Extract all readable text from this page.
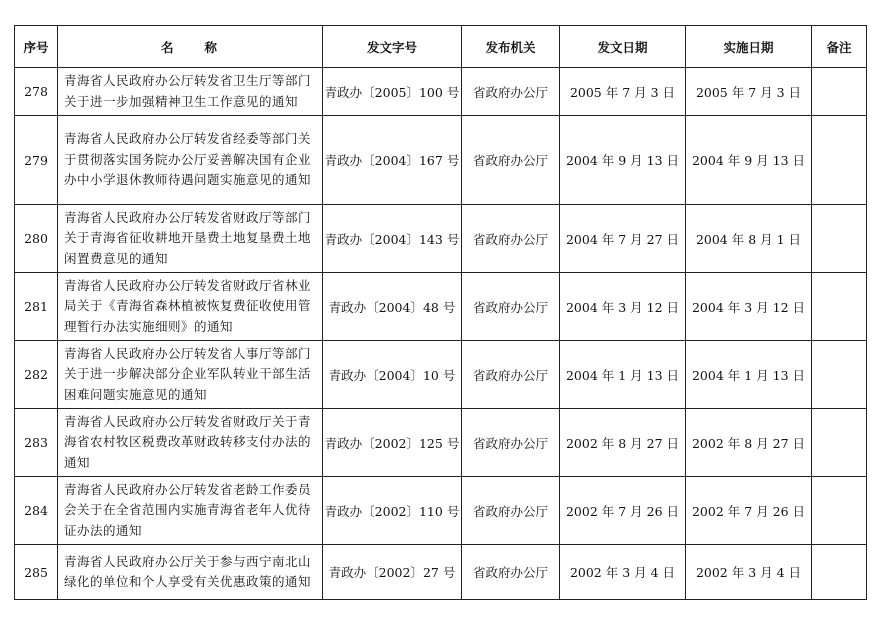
序号	名　　称	发文字号	发布机关	发文日期	实施日期	备注
278	青海省人民政府办公厅转发省卫生厅等部门关于进一步加强精神卫生工作意见的通知	青政办〔2005〕100 号	省政府办公厅	2005 年 7 月 3 日	2005 年 7 月 3 日	
279	青海省人民政府办公厅转发省经委等部门关于贯彻落实国务院办公厅妥善解决国有企业办中小学退休教师待遇问题实施意见的通知	青政办〔2004〕167 号	省政府办公厅	2004 年 9 月 13 日	2004 年 9 月 13 日	
280	青海省人民政府办公厅转发省财政厅等部门关于青海省征收耕地开垦费土地复垦费土地闲置费意见的通知	青政办〔2004〕143 号	省政府办公厅	2004 年 7 月 27 日	2004 年 8 月 1 日	
281	青海省人民政府办公厅转发省财政厅省林业局关于《青海省森林植被恢复费征收使用管理暂行办法实施细则》的通知	青政办〔2004〕48 号	省政府办公厅	2004 年 3 月 12 日	2004 年 3 月 12 日	
282	青海省人民政府办公厅转发省人事厅等部门关于进一步解决部分企业军队转业干部生活困难问题实施意见的通知	青政办〔2004〕10 号	省政府办公厅	2004 年 1 月 13 日	2004 年 1 月 13 日	
283	青海省人民政府办公厅转发省财政厅关于青海省农村牧区税费改革财政转移支付办法的通知	青政办〔2002〕125 号	省政府办公厅	2002 年 8 月 27 日	2002 年 8 月 27 日	
284	青海省人民政府办公厅转发省老龄工作委员会关于在全省范围内实施青海省老年人优待证办法的通知	青政办〔2002〕110 号	省政府办公厅	2002 年 7 月 26 日	2002 年 7 月 26 日	
285	青海省人民政府办公厅关于参与西宁南北山绿化的单位和个人享受有关优惠政策的通知	青政办〔2002〕27 号	省政府办公厅	2002 年 3 月 4 日	2002 年 3 月 4 日	
